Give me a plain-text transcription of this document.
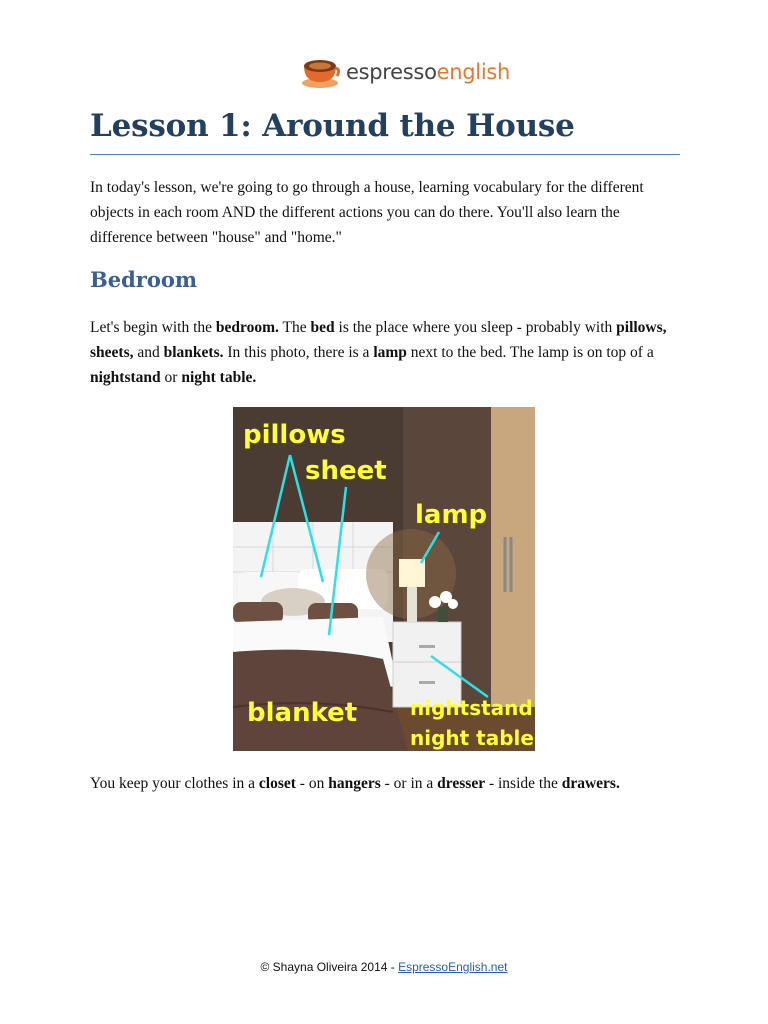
espressoenglish
Lesson 1: Around the House

In today's lesson, we're going to go through a house, learning vocabulary for the different objects in each room AND the different actions you can do there. You'll also learn the difference between "house" and "home."

Bedroom

Let's begin with the bedroom. The bed is the place where you sleep - probably with pillows, sheets, and blankets. In this photo, there is a lamp next to the bed. The lamp is on top of a nightstand or night table.

pillows
sheet
lamp
blanket	nightstand
night table

You keep your clothes in a closet - on hangers - or in a dresser - inside the drawers.

© Shayna Oliveira 2014 - EspressoEnglish.net
